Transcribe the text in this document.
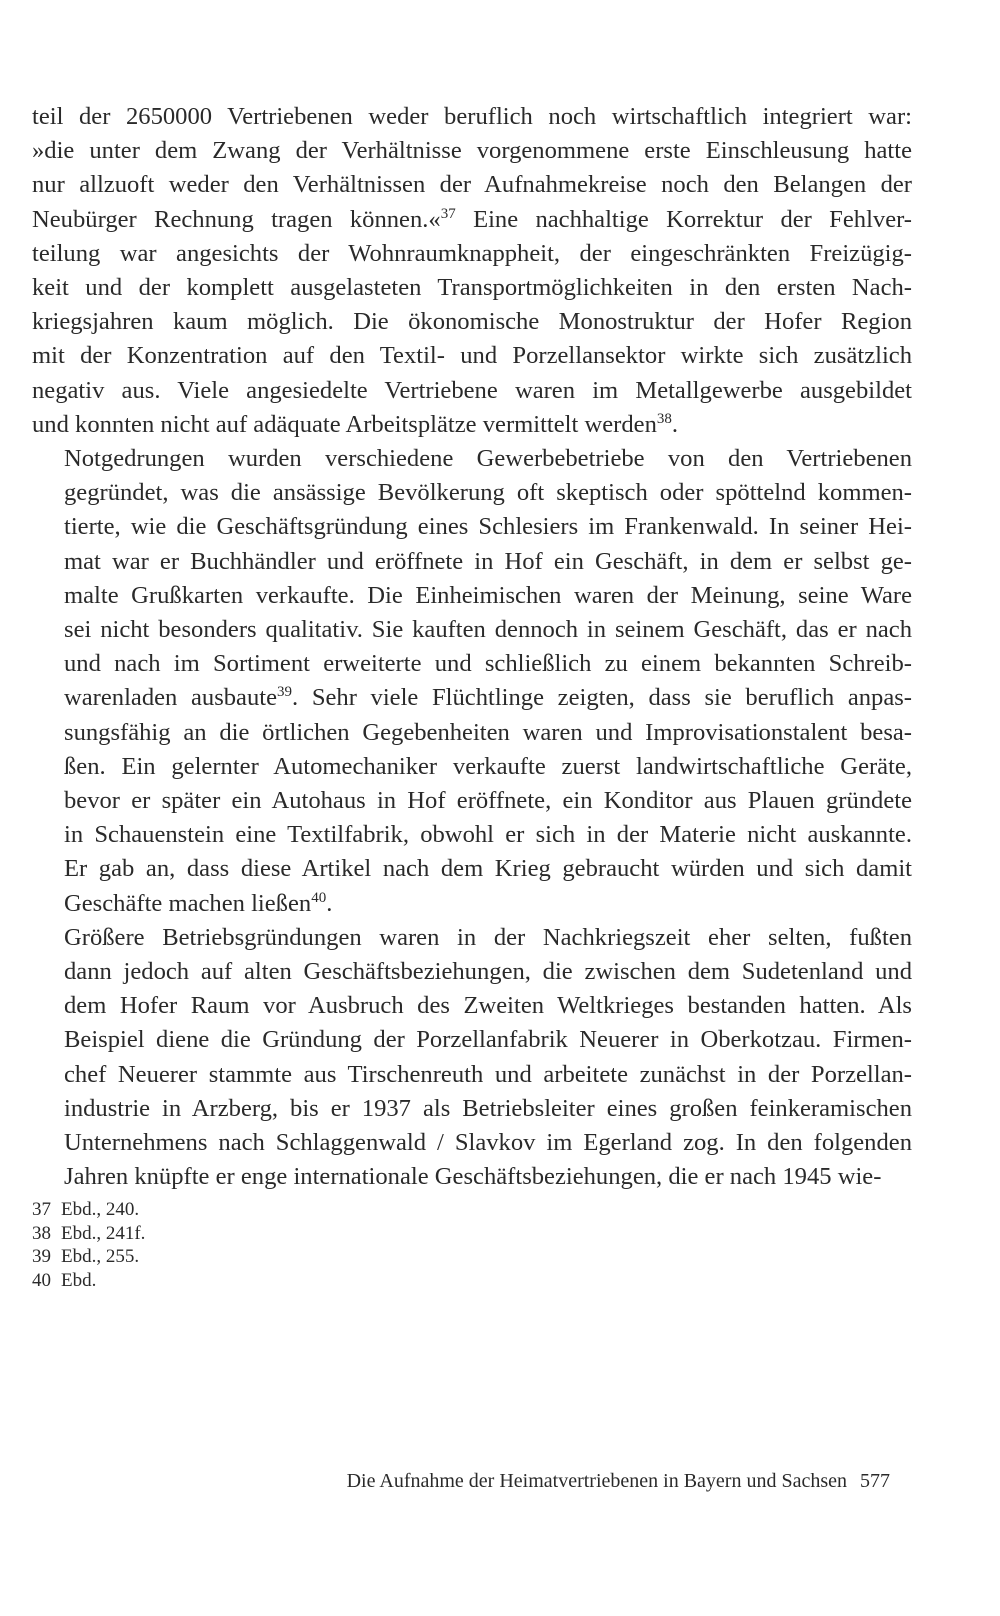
teil der 2650000 Vertriebenen weder beruflich noch wirtschaftlich integriert war:
»die unter dem Zwang der Verhältnisse vorgenommene erste Einschleusung hatte
nur allzuoft weder den Verhältnissen der Aufnahmekreise noch den Belangen der
Neubürger Rechnung tragen können.«$^{37}$ Eine nachhaltige Korrektur der Fehlver-
teilung war angesichts der Wohnraumknappheit, der eingeschränkten Freizügig-
keit und der komplett ausgelasteten Transportmöglichkeiten in den ersten Nach-
kriegsjahren kaum möglich. Die ökonomische Monostruktur der Hofer Region
mit der Konzentration auf den Textil- und Porzellansektor wirkte sich zusätzlich
negativ aus. Viele angesiedelte Vertriebene waren im Metallgewerbe ausgebildet
und konnten nicht auf adäquate Arbeitsplätze vermittelt werden$^{38}$.

Notgedrungen wurden verschiedene Gewerbebetriebe von den Vertriebenen
gegründet, was die ansässige Bevölkerung oft skeptisch oder spöttelnd kommen-
tierte, wie die Geschäftsgründung eines Schlesiers im Frankenwald. In seiner Hei-
mat war er Buchhändler und eröffnete in Hof ein Geschäft, in dem er selbst ge-
malte Grußkarten verkaufte. Die Einheimischen waren der Meinung, seine Ware
sei nicht besonders qualitativ. Sie kauften dennoch in seinem Geschäft, das er nach
und nach im Sortiment erweiterte und schließlich zu einem bekannten Schreib-
warenladen ausbaute$^{39}$. Sehr viele Flüchtlinge zeigten, dass sie beruflich anpas-
sungsfähig an die örtlichen Gegebenheiten waren und Improvisationstalent besa-
ßen. Ein gelernter Automechaniker verkaufte zuerst landwirtschaftliche Geräte,
bevor er später ein Autohaus in Hof eröffnete, ein Konditor aus Plauen gründete
in Schauenstein eine Textilfabrik, obwohl er sich in der Materie nicht auskannte.
Er gab an, dass diese Artikel nach dem Krieg gebraucht würden und sich damit
Geschäfte machen ließen$^{40}$.

Größere Betriebsgründungen waren in der Nachkriegszeit eher selten, fußten
dann jedoch auf alten Geschäftsbeziehungen, die zwischen dem Sudetenland und
dem Hofer Raum vor Ausbruch des Zweiten Weltkrieges bestanden hatten. Als
Beispiel diene die Gründung der Porzellanfabrik Neuerer in Oberkotzau. Firmen-
chef Neuerer stammte aus Tirschenreuth und arbeitete zunächst in der Porzellan-
industrie in Arzberg, bis er 1937 als Betriebsleiter eines großen feinkeramischen
Unternehmens nach Schlaggenwald / Slavkov im Egerland zog. In den folgenden
Jahren knüpfte er enge internationale Geschäftsbeziehungen, die er nach 1945 wie-

37 Ebd., 240.
38 Ebd., 241f.
39 Ebd., 255.
40 Ebd.
Die Aufnahme der Heimatvertriebenen in Bayern und Sachsen 577
